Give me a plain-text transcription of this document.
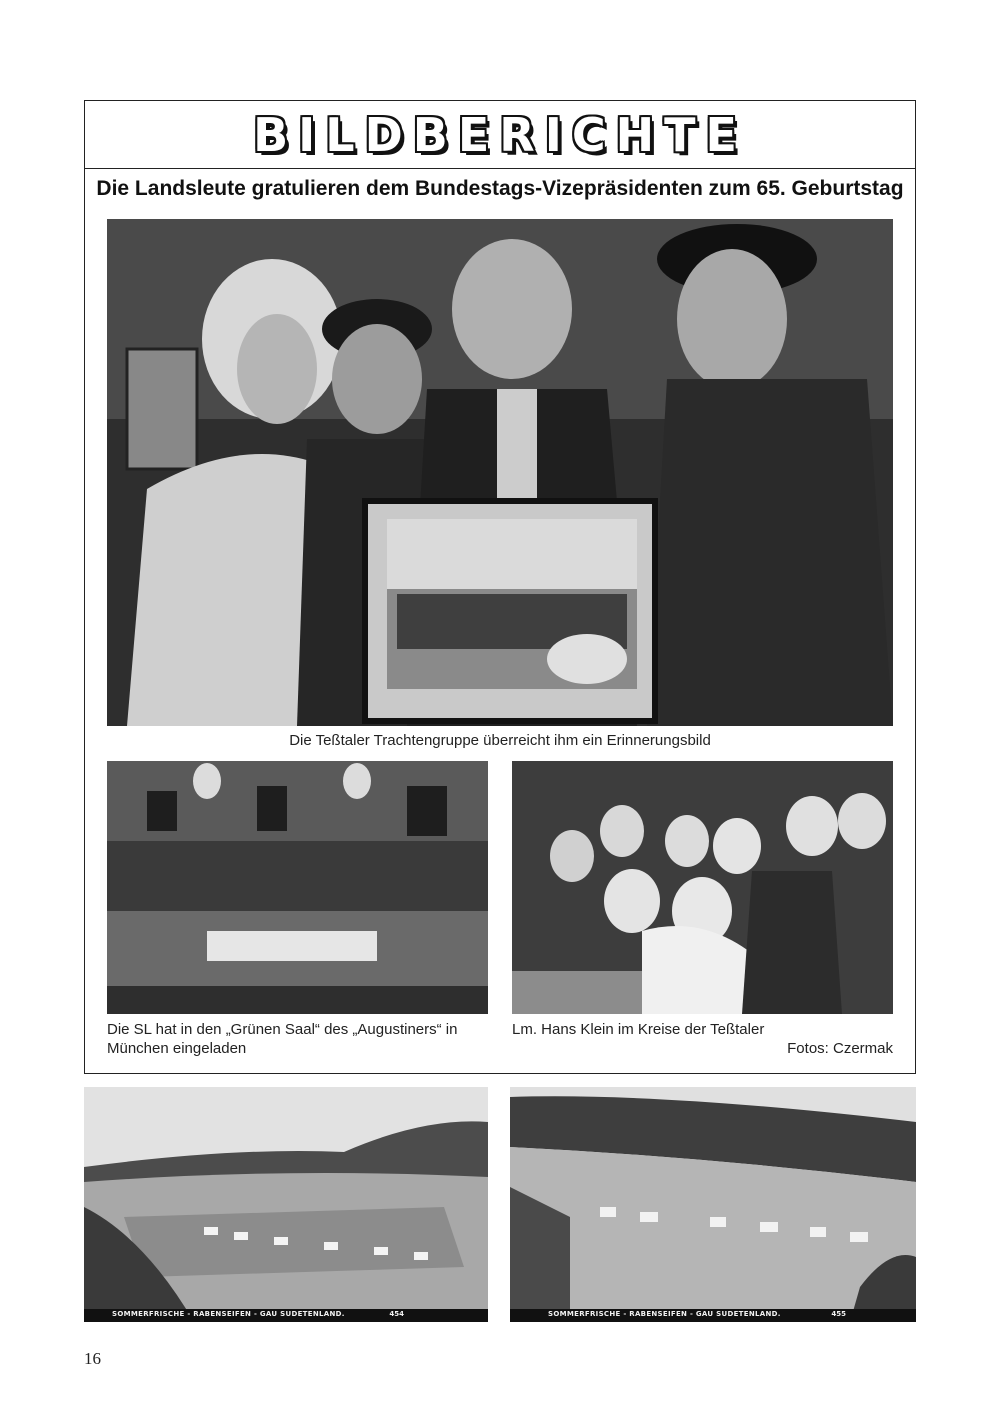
BILDBERICHTE
Die Landsleute gratulieren dem Bundestags-Vizepräsidenten zum 65. Geburtstag
Die Teßtaler Trachtengruppe überreicht ihm ein Erinnerungsbild
Die SL hat in den „Grünen Saal“ des „Augustiners“ in München eingeladen
Lm. Hans Klein im Kreise der Teßtaler
Fotos: Czermak
SOMMERFRISCHE - RABENSEIFEN - GAU SUDETENLAND.	454	SOMMERFRISCHE - RABENSEIFEN - GAU SUDETENLAND.	455
16
